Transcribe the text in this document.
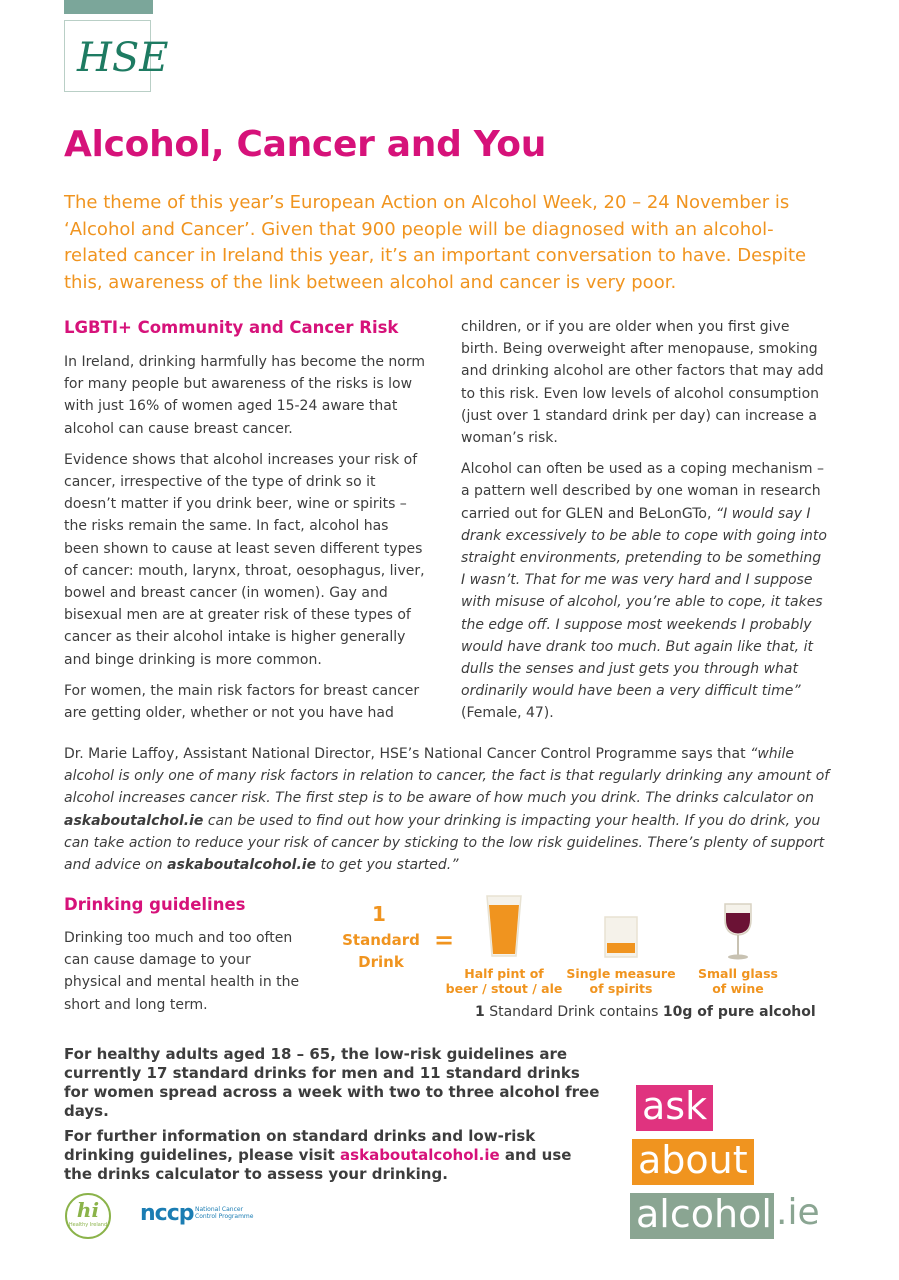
HSE
Alcohol, Cancer and You
The theme of this year’s European Action on Alcohol Week, 20 – 24 November is ‘Alcohol and Cancer’. Given that 900 people will be diagnosed with an alcohol-related cancer in Ireland this year, it’s an important conversation to have. Despite this, awareness of the link between alcohol and cancer is very poor.
LGBTI+ Community and Cancer Risk

In Ireland, drinking harmfully has become the norm for many people but awareness of the risks is low with just 16% of women aged 15-24 aware that alcohol can cause breast cancer.

Evidence shows that alcohol increases your risk of cancer, irrespective of the type of drink so it doesn’t matter if you drink beer, wine or spirits – the risks remain the same. In fact, alcohol has been shown to cause at least seven different types of cancer: mouth, larynx, throat, oesophagus, liver, bowel and breast cancer (in women). Gay and bisexual men are at greater risk of these types of cancer as their alcohol intake is higher generally and binge drinking is more common.

For women, the main risk factors for breast cancer are getting older, whether or not you have had

children, or if you are older when you first give birth. Being overweight after menopause, smoking and drinking alcohol are other factors that may add to this risk. Even low levels of alcohol consumption (just over 1 standard drink per day) can increase a woman’s risk.

Alcohol can often be used as a coping mechanism – a pattern well described by one woman in research carried out for GLEN and BeLonGTo, “I would say I drank excessively to be able to cope with going into straight environments, pretending to be something I wasn’t. That for me was very hard and I suppose with misuse of alcohol, you’re able to cope, it takes the edge off. I suppose most weekends I probably would have drank too much. But again like that, it dulls the senses and just gets you through what ordinarily would have been a very difficult time” (Female, 47).

Dr. Marie Laffoy, Assistant National Director, HSE’s National Cancer Control Programme says that “while alcohol is only one of many risk factors in relation to cancer, the fact is that regularly drinking any amount of alcohol increases cancer risk. The first step is to be aware of how much you drink. The drinks calculator on askaboutalchol.ie can be used to find out how your drinking is impacting your health. If you do drink, you can take action to reduce your risk of cancer by sticking to the low risk guidelines. There’s plenty of support and advice on askaboutalcohol.ie to get you started.”
Drinking guidelines
Drinking too much and too often can cause damage to your physical and mental health in the short and long term.
1
Standard
Drink
=
Half pint of
beer / stout / ale
Single measure
of spirits
Small glass
of wine
1 Standard Drink contains 10g of pure alcohol

For healthy adults aged 18 – 65, the low-risk guidelines are currently 17 standard drinks for men and 11 standard drinks for women spread across a week with two to three alcohol free days.

For further information on standard drinks and low-risk drinking guidelines, please visit askaboutalcohol.ie and use the drinks calculator to assess your drinking.

ask
about
alcohol .ie
hi
Healthy Ireland nccp National Cancer
Control Programme
